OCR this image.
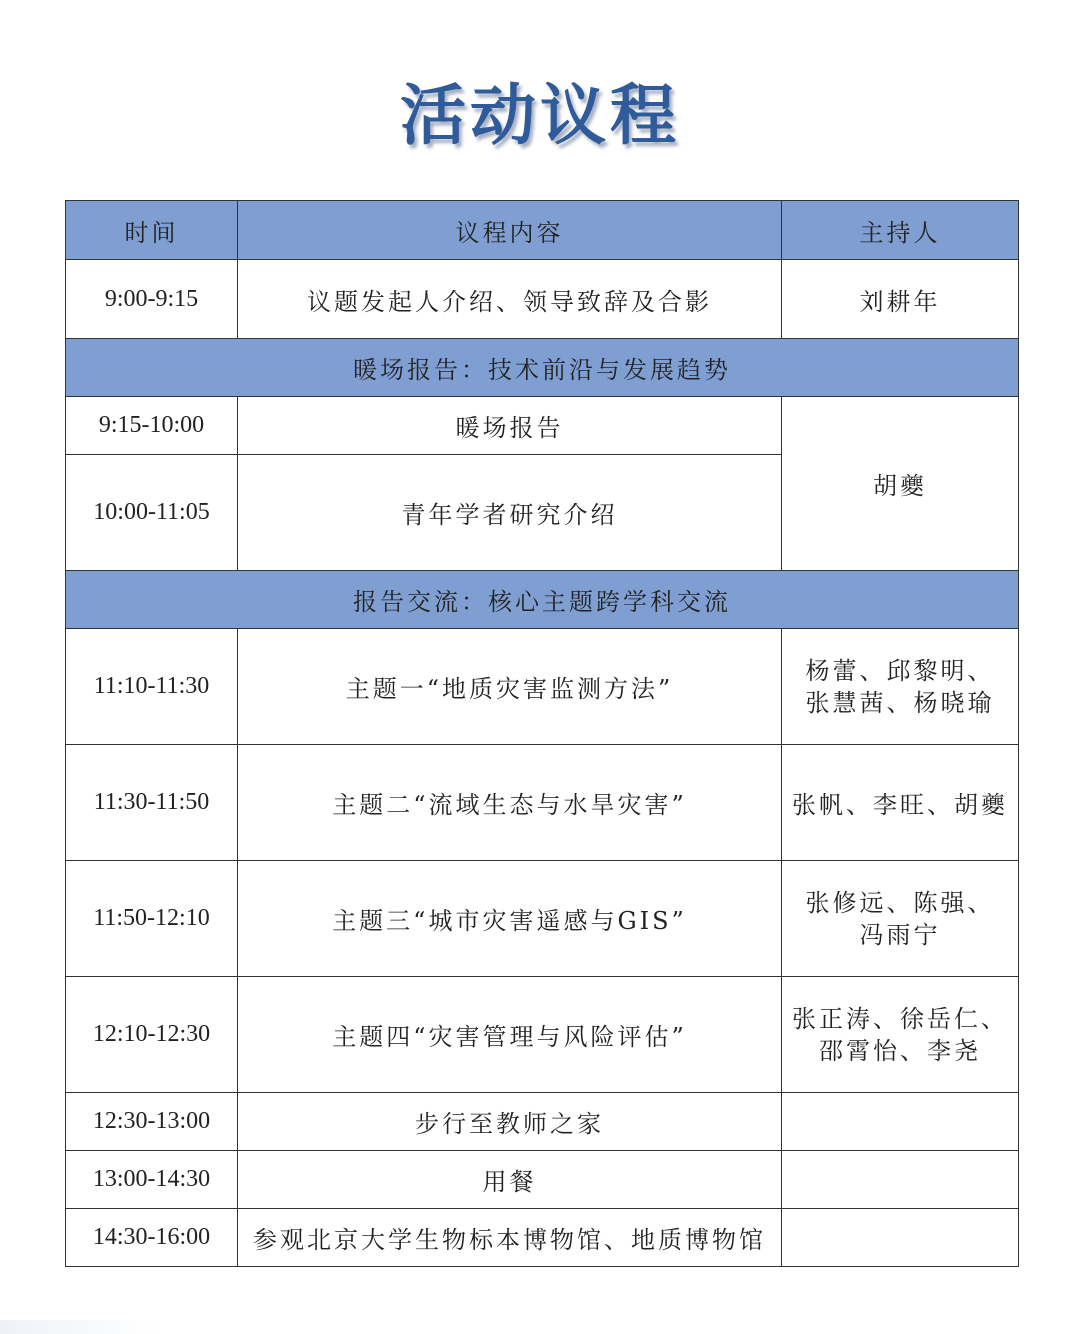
活动议程
时间	议程内容	主持人
9:00-9:15	议题发起人介绍、领导致辞及合影	刘耕年
暖场报告：技术前沿与发展趋势		
9:15-10:00	暖场报告	胡夔
10:00-11:05	青年学者研究介绍	
报告交流：核心主题跨学科交流		
11:10-11:30	主题一“地质灾害监测方法”	杨蕾、邱黎明、
张慧茜、杨晓瑜

11:30-11:50	主题二“流域生态与水旱灾害”	张帆、李旺、胡夔
11:50-12:10	主题三“城市灾害遥感与GIS”	张修远、陈强、
冯雨宁

12:10-12:30	主题四“灾害管理与风险评估”	张正涛、徐岳仁、
邵霄怡、李尧

12:30-13:00	步行至教师之家	
13:00-14:30	用餐	
14:30-16:00	参观北京大学生物标本博物馆、地质博物馆	
